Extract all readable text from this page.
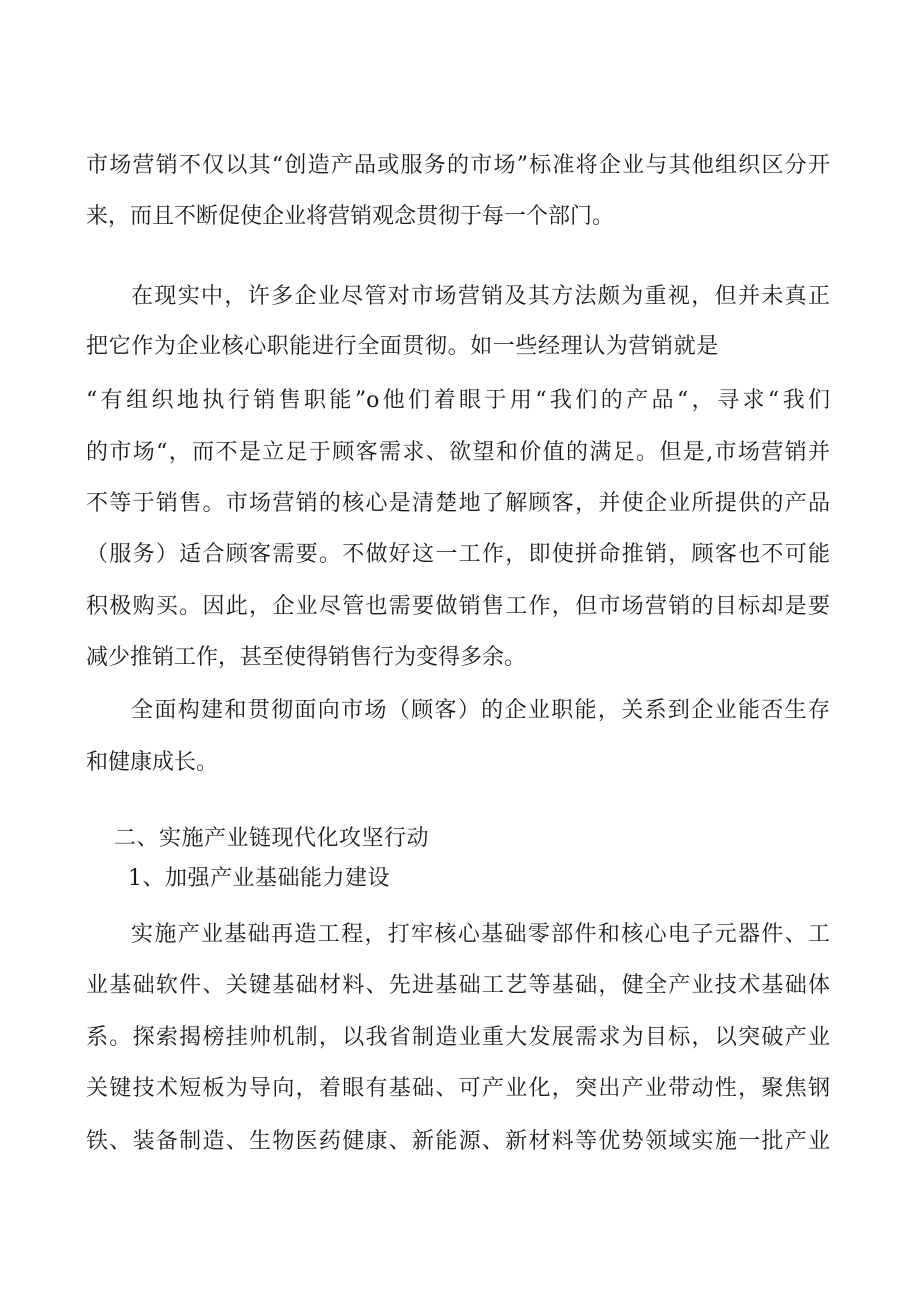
市场营销不仅以其“创造产品或服务的市场”标准将企业与其他组织区分开
来，而且不断促使企业将营销观念贯彻于每一个部门。
在现实中，许多企业尽管对市场营销及其方法颇为重视，但并未真正
把它作为企业核心职能进行全面贯彻。如一些经理认为营销就是
“有组织地执行销售职能”o他们着眼于用“我们的产品“，寻求“我们
的市场“，而不是立足于顾客需求、欲望和价值的满足。但是,市场营销并
不等于销售。市场营销的核心是清楚地了解顾客，并使企业所提供的产品
（服务）适合顾客需要。不做好这一工作，即使拼命推销，顾客也不可能
积极购买。因此，企业尽管也需要做销售工作，但市场营销的目标却是要
减少推销工作，甚至使得销售行为变得多余。
全面构建和贯彻面向市场（顾客）的企业职能，关系到企业能否生存
和健康成长。
二、实施产业链现代化攻坚行动
1、加强产业基础能力建设
实施产业基础再造工程，打牢核心基础零部件和核心电子元器件、工
业基础软件、关键基础材料、先进基础工艺等基础，健全产业技术基础体
系。探索揭榜挂帅机制，以我省制造业重大发展需求为目标，以突破产业
关键技术短板为导向，着眼有基础、可产业化，突出产业带动性，聚焦钢
铁、装备制造、生物医药健康、新能源、新材料等优势领域实施一批产业
